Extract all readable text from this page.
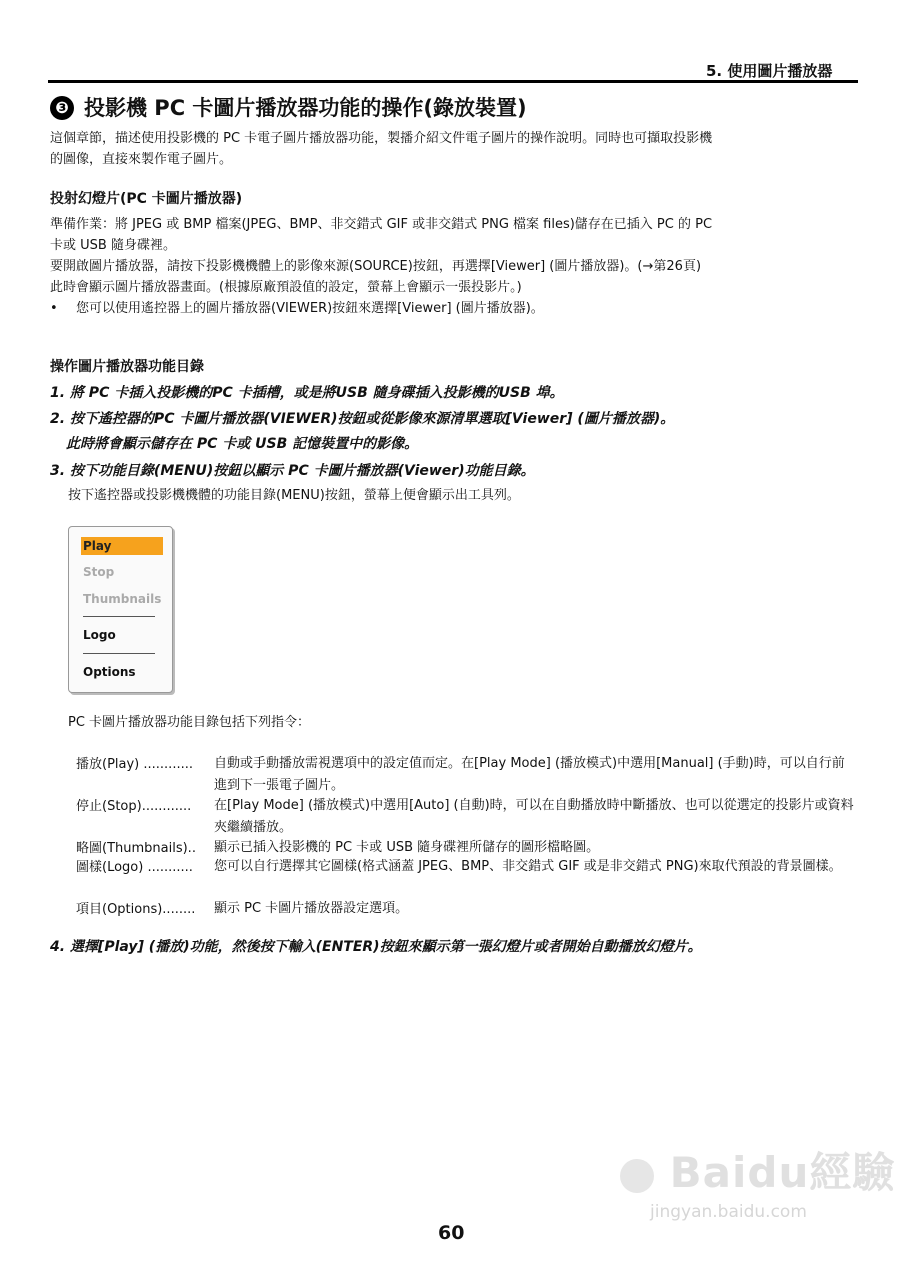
5. 使用圖片播放器
❸ 投影機 PC 卡圖片播放器功能的操作(錄放裝置)
這個章節，描述使用投影機的 PC 卡電子圖片播放器功能，製播介紹文件電子圖片的操作說明。同時也可擷取投影機
的圖像，直接來製作電子圖片。
投射幻燈片(PC 卡圖片播放器)
準備作業：將 JPEG 或 BMP 檔案(JPEG、BMP、非交錯式 GIF 或非交錯式 PNG 檔案 files)儲存在已插入 PC 的 PC
卡或 USB 隨身碟裡。
要開啟圖片播放器，請按下投影機機體上的影像來源(SOURCE)按鈕，再選擇[Viewer] (圖片播放器)。(→第26頁)
此時會顯示圖片播放器畫面。(根據原廠預設值的設定，螢幕上會顯示一張投影片。)
• 您可以使用遙控器上的圖片播放器(VIEWER)按鈕來選擇[Viewer] (圖片播放器)。
操作圖片播放器功能目錄
1. 將 PC 卡插入投影機的PC 卡插槽，或是將USB 隨身碟插入投影機的USB 埠。
2. 按下遙控器的PC 卡圖片播放器(VIEWER)按鈕或從影像來源清單選取[Viewer] (圖片播放器)。
此時將會顯示儲存在 PC 卡或 USB 記憶裝置中的影像。
3. 按下功能目錄(MENU)按鈕以顯示 PC 卡圖片播放器(Viewer)功能目錄。
按下遙控器或投影機機體的功能目錄(MENU)按鈕，螢幕上便會顯示出工具列。
Play
Stop
Thumbnails
Logo
Options
PC 卡圖片播放器功能目錄包括下列指令：
播放(Play) ............ 自動或手動播放需視選項中的設定值而定。在[Play Mode] (播放模式)中選用[Manual] (手動)時，可以自行前進到下一張電子圖片。
停止(Stop)............ 在[Play Mode] (播放模式)中選用[Auto] (自動)時，可以在自動播放時中斷播放、也可以從選定的投影片或資料夾繼續播放。
略圖(Thumbnails).. 顯示已插入投影機的 PC 卡或 USB 隨身碟裡所儲存的圖形檔略圖。
圖樣(Logo) ........... 您可以自行選擇其它圖樣(格式涵蓋 JPEG、BMP、非交錯式 GIF 或是非交錯式 PNG)來取代預設的背景圖樣。
項目(Options)........ 顯示 PC 卡圖片播放器設定選項。
4. 選擇[Play] (播放)功能，然後按下輸入(ENTER)按鈕來顯示第一張幻燈片或者開始自動播放幻燈片。
Baidu經驗
jingyan.baidu.com
60
